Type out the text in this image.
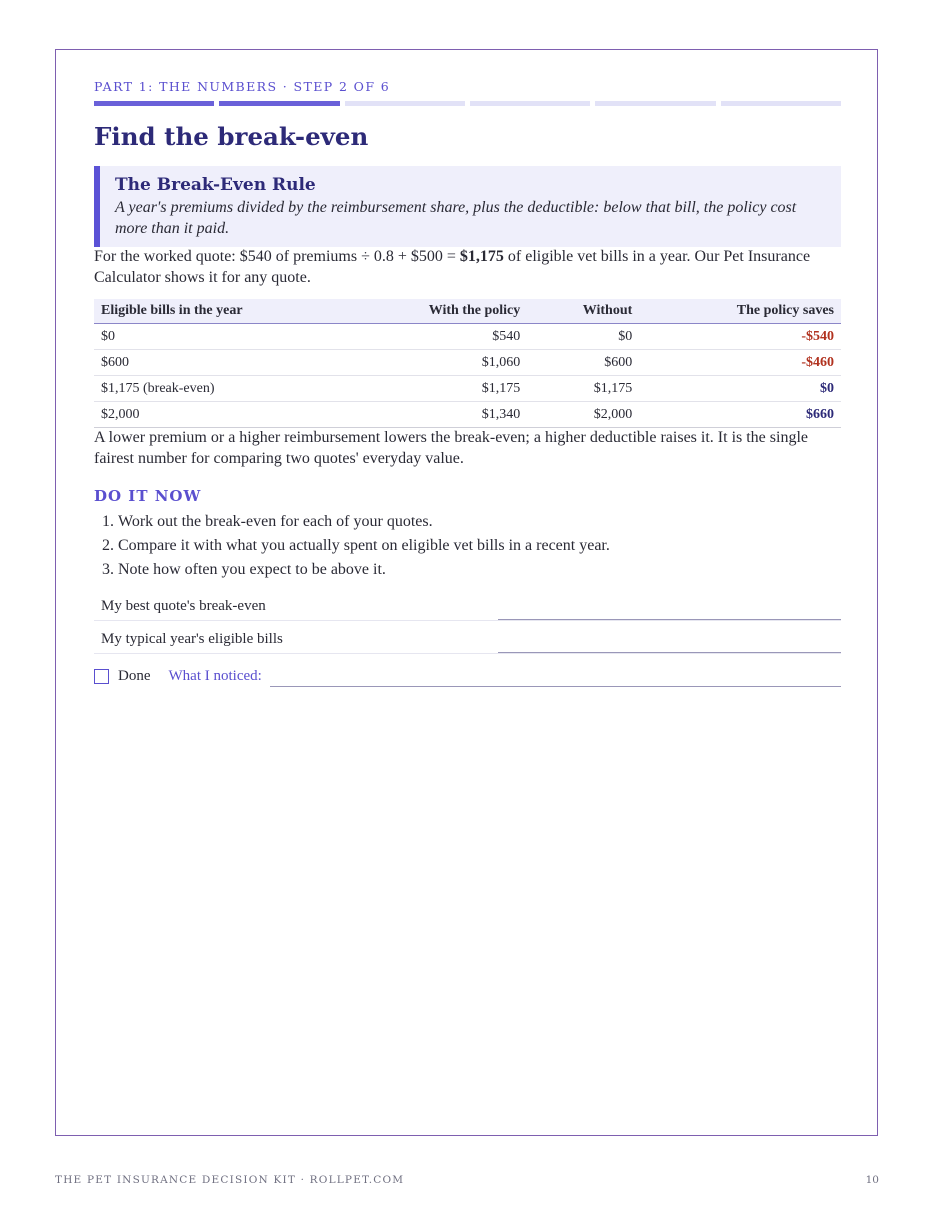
PART 1: THE NUMBERS · STEP 2 OF 6
Find the break-even
The Break-Even Rule
A year's premiums divided by the reimbursement share, plus the deductible: below that bill, the policy cost more than it paid.

For the worked quote: $540 of premiums ÷ 0.8 + $500 = $1,175 of eligible vet bills in a year. Our Pet Insurance Calculator shows it for any quote.

Eligible bills in the year	With the policy	Without	The policy saves
$0	$540	$0	-$540
$600	$1,060	$600	-$460
$1,175 (break-even)	$1,175	$1,175	$0
$2,000	$1,340	$2,000	$660

A lower premium or a higher reimbursement lowers the break-even; a higher deductible raises it. It is the single fairest number for comparing two quotes' everyday value.

DO IT NOW
1. Work out the break-even for each of your quotes.
2. Compare it with what you actually spent on eligible vet bills in a recent year.
3. Note how often you expect to be above it.
My best quote's break-even
My typical year's eligible bills
Done What I noticed:
THE PET INSURANCE DECISION KIT · ROLLPET.COM	10
